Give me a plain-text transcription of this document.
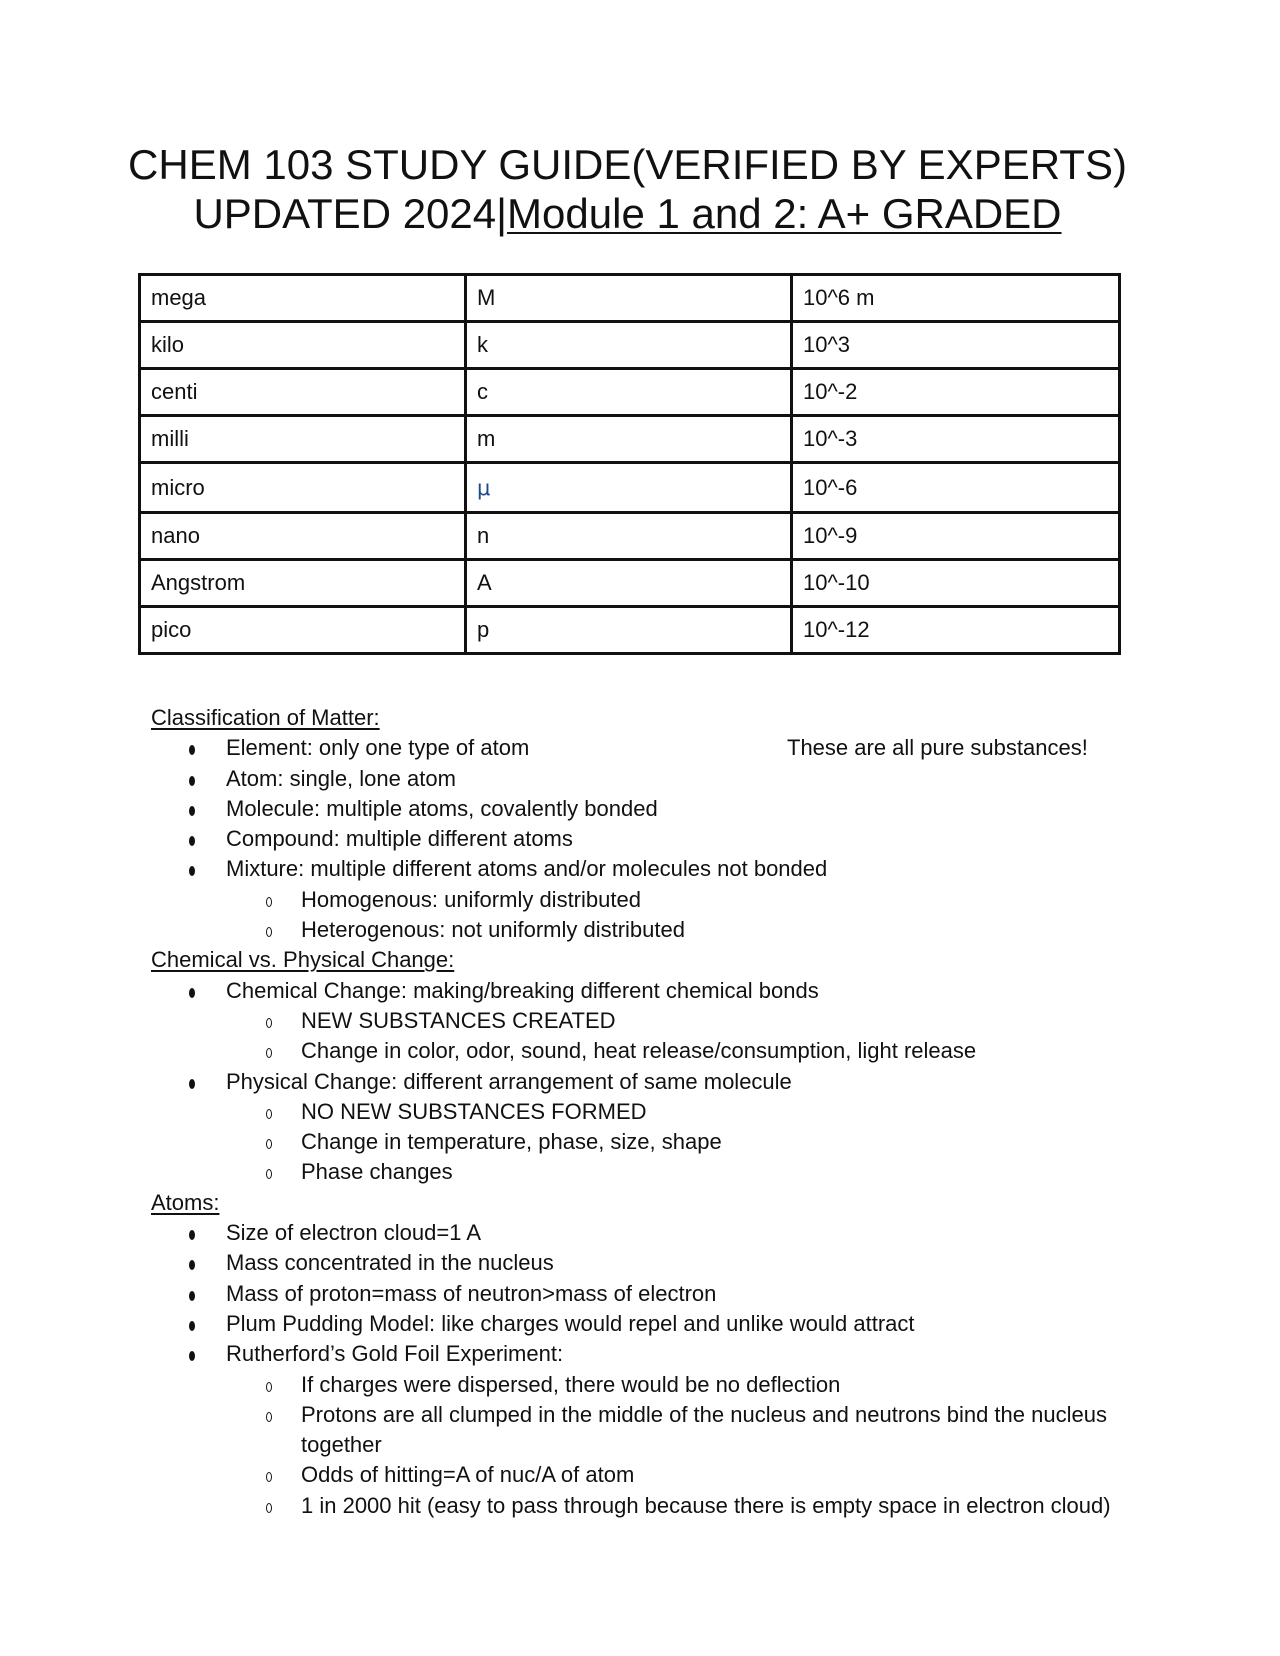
CHEM 103 STUDY GUIDE(VERIFIED BY EXPERTS)
UPDATED 2024|Module 1 and 2: A+ GRADED
mega	M	10^6 m
kilo	k	10^3
centi	c	10^-2
milli	m	10^-3
micro	μ	10^-6
nano	n	10^-9
Angstrom	A	10^-10
pico	p	10^-12
These are all pure substances!
Classification of Matter:
Element: only one type of atom
Atom: single, lone atom
Molecule: multiple atoms, covalently bonded
Compound: multiple different atoms
Mixture: multiple different atoms and/or molecules not bonded
Homogenous: uniformly distributed
Heterogenous: not uniformly distributed
Chemical vs. Physical Change:
Chemical Change: making/breaking different chemical bonds
NEW SUBSTANCES CREATED
Change in color, odor, sound, heat release/consumption, light release
Physical Change: different arrangement of same molecule
NO NEW SUBSTANCES FORMED
Change in temperature, phase, size, shape
Phase changes
Atoms:
Size of electron cloud=1 A
Mass concentrated in the nucleus
Mass of proton=mass of neutron>mass of electron
Plum Pudding Model: like charges would repel and unlike would attract
Rutherford’s Gold Foil Experiment:
If charges were dispersed, there would be no deflection
Protons are all clumped in the middle of the nucleus and neutrons bind the nucleus together
Odds of hitting=A of nuc/A of atom
1 in 2000 hit (easy to pass through because there is empty space in electron cloud)
